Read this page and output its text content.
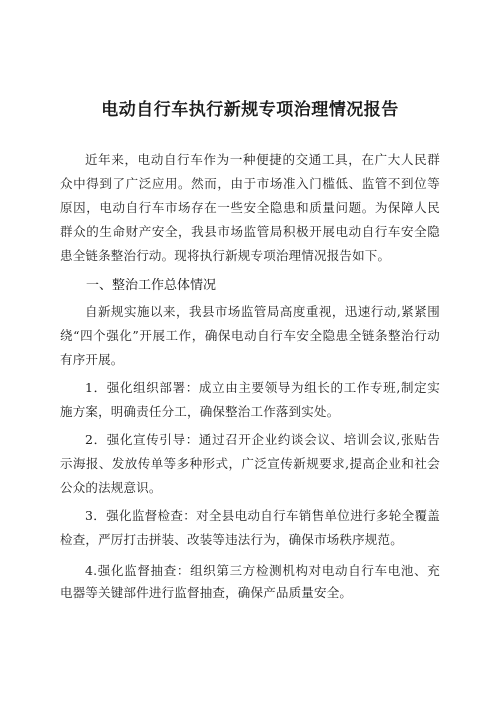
电动自行车执行新规专项治理情况报告

近年来，电动自行车作为一种便捷的交通工具，在广大人民群众中得到了广泛应用。然而，由于市场准入门槛低、监管不到位等原因，电动自行车市场存在一些安全隐患和质量问题。为保障人民群众的生命财产安全，我县市场监管局积极开展电动自行车安全隐患全链条整治行动。现将执行新规专项治理情况报告如下。

一、整治工作总体情况

自新规实施以来，我县市场监管局高度重视，迅速行动,紧紧围绕“四个强化”开展工作，确保电动自行车安全隐患全链条整治行动有序开展。

1．强化组织部署：成立由主要领导为组长的工作专班,制定实施方案，明确责任分工，确保整治工作落到实处。

2．强化宣传引导：通过召开企业约谈会议、培训会议,张贴告示海报、发放传单等多种形式，广泛宣传新规要求,提高企业和社会公众的法规意识。

3．强化监督检查：对全县电动自行车销售单位进行多轮全覆盖检查，严厉打击拼装、改装等违法行为，确保市场秩序规范。

4.强化监督抽查：组织第三方检测机构对电动自行车电池、充电器等关键部件进行监督抽查，确保产品质量安全。
